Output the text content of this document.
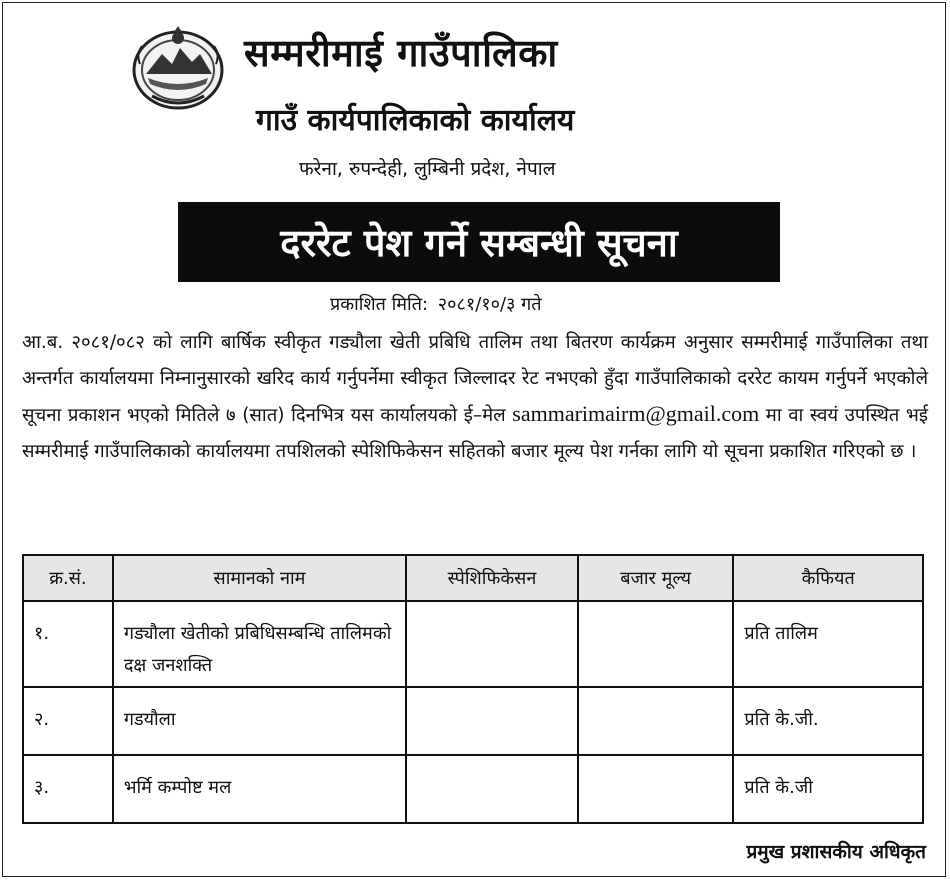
सम्मरीमाई गाउँपालिका
गाउँ कार्यपालिकाको कार्यालय
फरेना, रुपन्देही, लुम्बिनी प्रदेश, नेपाल
दररेट पेश गर्ने सम्बन्धी सूचना
प्रकाशित मिति: २०८१/१०/३ गते
आ.ब. २०८१/०८२ को लागि बार्षिक स्वीकृत गड्यौला खेती प्रबिधि तालिम तथा बितरण कार्यक्रम अनुसार सम्मरीमाई गाउँपालिका तथा अन्तर्गत कार्यालयमा निम्नानुसारको खरिद कार्य गर्नुपर्नेमा स्वीकृत जिल्लादर रेट नभएको हुँदा गाउँपालिकाको दररेट कायम गर्नुपर्ने भएकोले सूचना प्रकाशन भएको मितिले ७ (सात) दिनभित्र यस कार्यालयको ई–मेल sammarimairm@gmail.com मा वा स्वयं उपस्थित भई सम्मरीमाई गाउँपालिकाको कार्यालयमा तपशिलको स्पेशिफिकेसन सहितको बजार मूल्य पेश गर्नका लागि यो सूचना प्रकाशित गरिएको छ ।
क्र.सं.	सामानको नाम	स्पेशिफिकेसन	बजार मूल्य	कैफियत
१.	गड्यौला खेतीको प्रबिधिसम्बन्धि तालिमको दक्ष जनशक्ति			प्रति तालिम
२.	गडयौला			प्रति के.जी.
३.	भर्मि कम्पोष्ट मल			प्रति के.जी
प्रमुख प्रशासकीय अधिकृत
